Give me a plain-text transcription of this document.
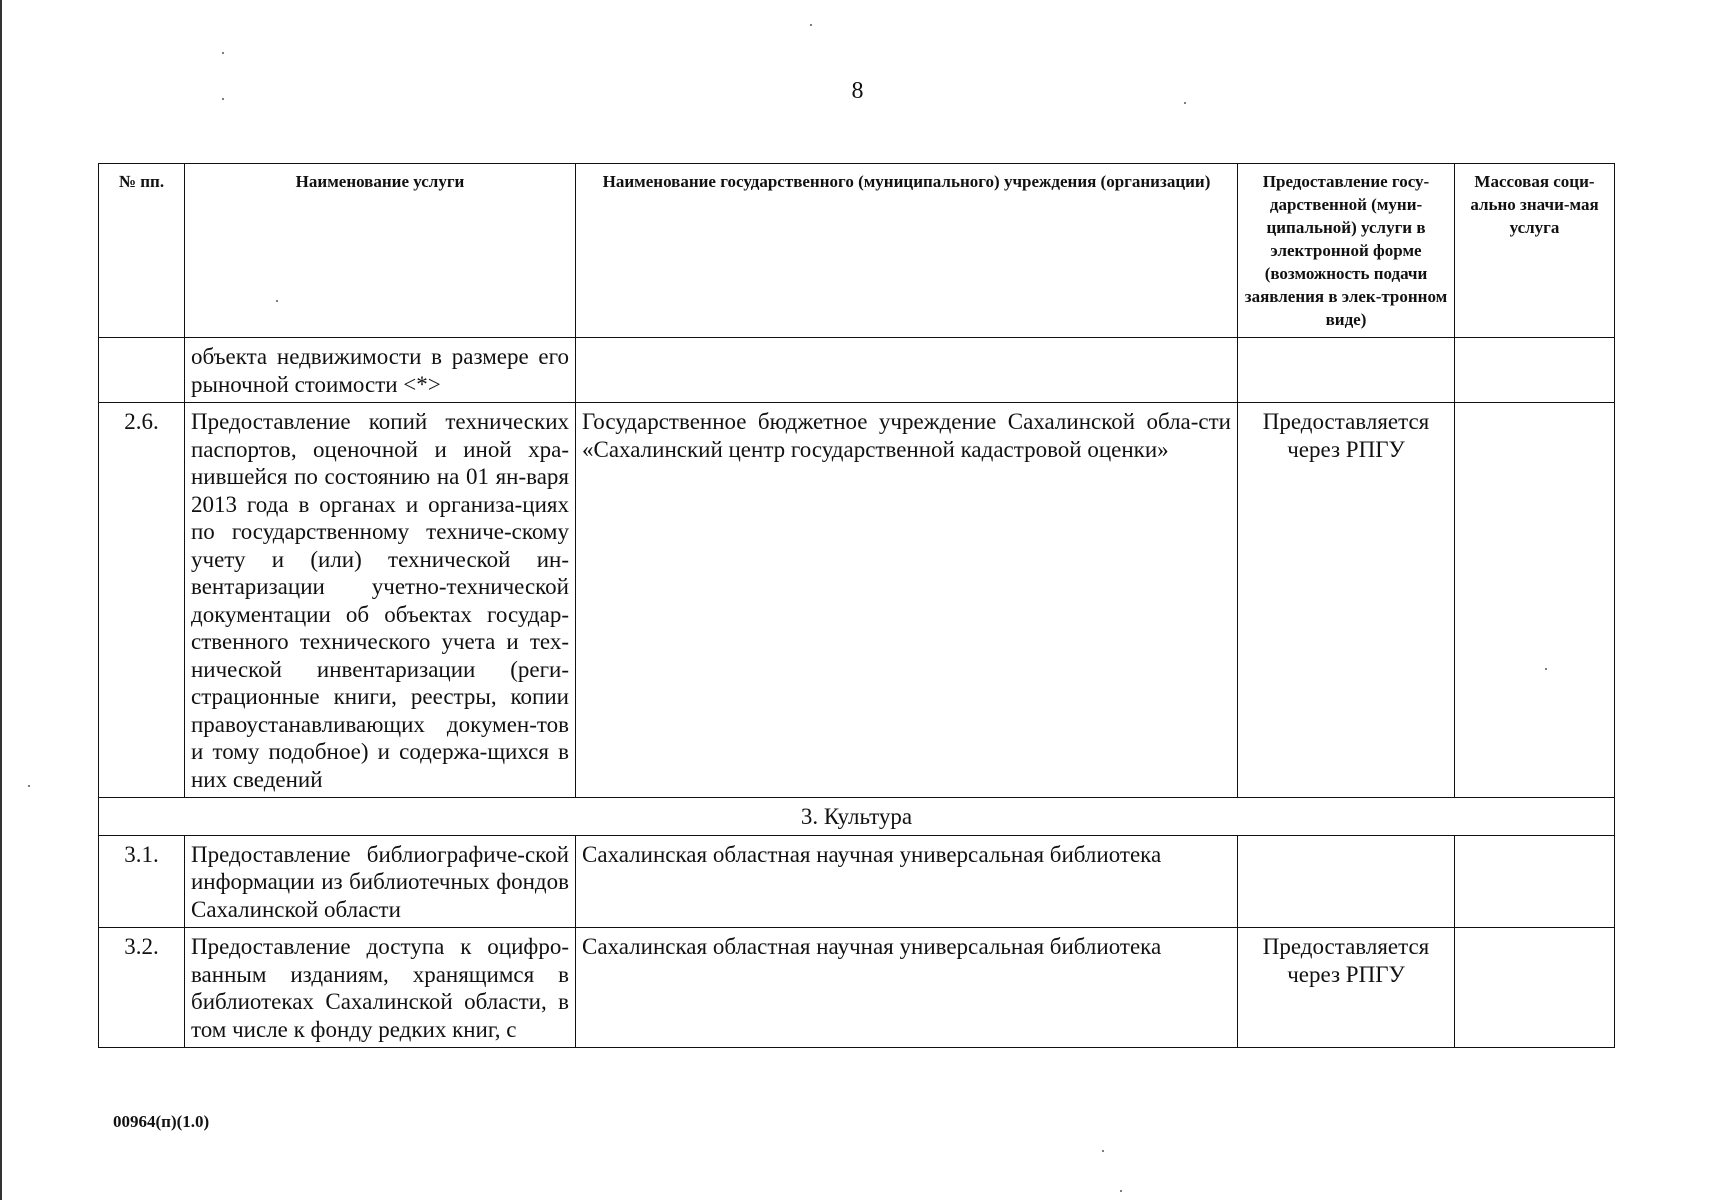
8
№ пп.	Наименование услуги	Наименование государственного (муниципального) учреждения (организации)	Предоставление госу-дарственной (муни-ципальной) услуги в электронной форме (возможность подачи заявления в элек-тронном виде)	Массовая соци-ально значи-мая услуга
	объекта недвижимости в размере его рыночной стоимости <*>			
2.6.	Предоставление копий технических паспортов, оценочной и иной хра-нившейся по состоянию на 01 ян-варя 2013 года в органах и организа-циях по государственному техниче-скому учету и (или) технической ин-вентаризации учетно-технической документации об объектах государ-ственного технического учета и тех-нической инвентаризации (реги-страционные книги, реестры, копии правоустанавливающих докумен-тов и тому подобное) и содержа-щихся в них сведений	Государственное бюджетное учреждение Сахалинской обла-сти «Сахалинский центр государственной кадастровой оценки»	Предоставляется через РПГУ	
3. Культура				
3.1.	Предоставление библиографиче-ской информации из библиотечных фондов Сахалинской области	Сахалинская областная научная универсальная библиотека		
3.2.	Предоставление доступа к оцифро-ванным изданиям, хранящимся в библиотеках Сахалинской области, в том числе к фонду редких книг, с	Сахалинская областная научная универсальная библиотека	Предоставляется через РПГУ	
00964(п)(1.0)
